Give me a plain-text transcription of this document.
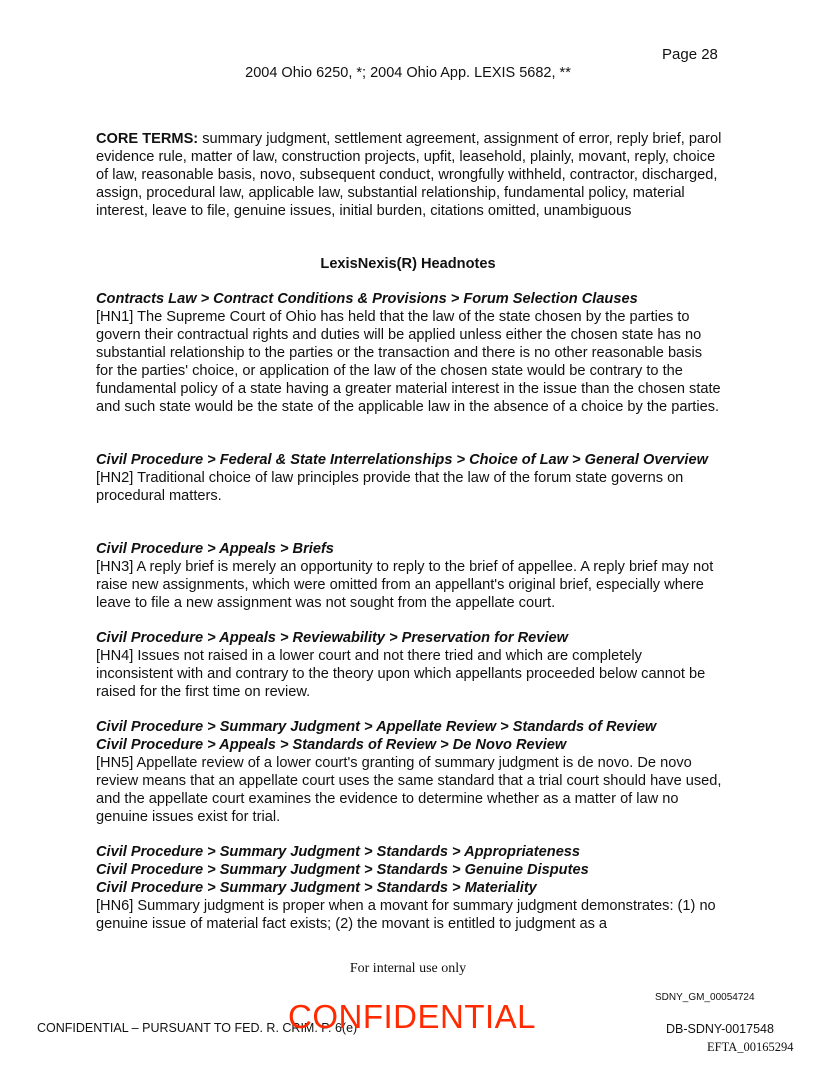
Page 28
2004 Ohio 6250, *; 2004 Ohio App. LEXIS 5682, **
CORE TERMS: summary judgment, settlement agreement, assignment of error, reply brief, parol evidence rule, matter of law, construction projects, upfit, leasehold, plainly, movant, reply, choice of law, reasonable basis, novo, subsequent conduct, wrongfully withheld, contractor, discharged, assign, procedural law, applicable law, substantial relationship, fundamental policy, material interest, leave to file, genuine issues, initial burden, citations omitted, unambiguous
LexisNexis(R) Headnotes
Contracts Law > Contract Conditions & Provisions > Forum Selection Clauses
[HN1] The Supreme Court of Ohio has held that the law of the state chosen by the parties to govern their contractual rights and duties will be applied unless either the chosen state has no substantial relationship to the parties or the transaction and there is no other reasonable basis for the parties' choice, or application of the law of the chosen state would be contrary to the fundamental policy of a state having a greater material interest in the issue than the chosen state and such state would be the state of the applicable law in the absence of a choice by the parties.
Civil Procedure > Federal & State Interrelationships > Choice of Law > General Overview
[HN2] Traditional choice of law principles provide that the law of the forum state governs on procedural matters.
Civil Procedure > Appeals > Briefs
[HN3] A reply brief is merely an opportunity to reply to the brief of appellee. A reply brief may not raise new assignments, which were omitted from an appellant's original brief, especially where leave to file a new assignment was not sought from the appellate court.
Civil Procedure > Appeals > Reviewability > Preservation for Review
[HN4] Issues not raised in a lower court and not there tried and which are completely inconsistent with and contrary to the theory upon which appellants proceeded below cannot be raised for the first time on review.
Civil Procedure > Summary Judgment > Appellate Review > Standards of Review
Civil Procedure > Appeals > Standards of Review > De Novo Review
[HN5] Appellate review of a lower court's granting of summary judgment is de novo. De novo review means that an appellate court uses the same standard that a trial court should have used, and the appellate court examines the evidence to determine whether as a matter of law no genuine issues exist for trial.
Civil Procedure > Summary Judgment > Standards > Appropriateness
Civil Procedure > Summary Judgment > Standards > Genuine Disputes
Civil Procedure > Summary Judgment > Standards > Materiality
[HN6] Summary judgment is proper when a movant for summary judgment demonstrates: (1) no genuine issue of material fact exists; (2) the movant is entitled to judgment as a
For internal use only
SDNY_GM_00054724
CONFIDENTIAL – PURSUANT TO FED. R. CRIM. P. 6(e)
CONFIDENTIAL	DB-SDNY-0017548
EFTA_00165294
